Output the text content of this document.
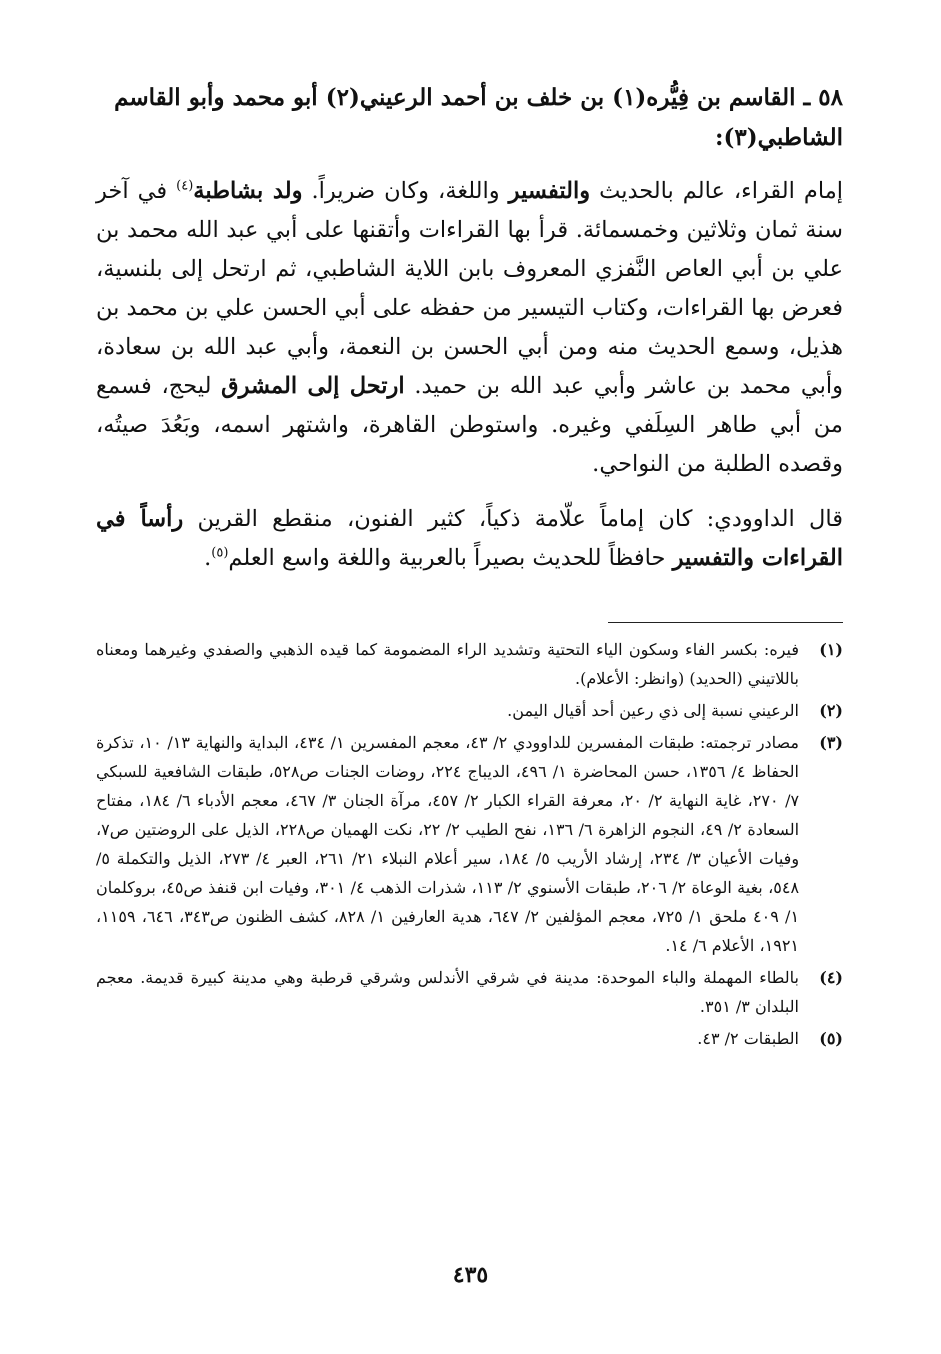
٥٨ ـ القاسم بن فِيُّره(١) بن خلف بن أحمد الرعيني(٢) أبو محمد وأبو القاسم
الشاطبي(٣):

إمام القراء، عالم بالحديث والتفسير واللغة، وكان ضريراً. ولد بشاطبة$^{(٤)}$ في آخر سنة ثمان وثلاثين وخمسمائة. قرأ بها القراءات وأتقنها على أبي عبد الله محمد بن علي بن أبي العاص النَّفزي المعروف بابن اللاية الشاطبي، ثم ارتحل إلى بلنسية، فعرض بها القراءات، وكتاب التيسير من حفظه على أبي الحسن علي بن محمد بن هذيل، وسمع الحديث منه ومن أبي الحسن بن النعمة، وأبي عبد الله بن سعادة، وأبي محمد بن عاشر وأبي عبد الله بن حميد. ارتحل إلى المشرق ليحج، فسمع من أبي طاهر السِلَفي وغيره. واستوطن القاهرة، واشتهر اسمه، وبَعُدَ صيتُه، وقصده الطلبة من النواحي.

قال الداوودي: كان إماماً علّامة ذكياً، كثير الفنون، منقطع القرين رأساً في القراءات والتفسير حافظاً للحديث بصيراً بالعربية واللغة واسع العلم$^{(٥)}$.

(١)
فيره: بكسر الفاء وسكون الياء التحتية وتشديد الراء المضمومة كما قيده الذهبي والصفدي وغيرهما ومعناه باللاتيني (الحديد) (وانظر: الأعلام).
(٢)
الرعيني نسبة إلى ذي رعين أحد أقيال اليمن.
(٣)
مصادر ترجمته: طبقات المفسرين للداوودي ٢/ ٤٣، معجم المفسرين ١/ ٤٣٤، البداية والنهاية ١٣/ ١٠، تذكرة الحفاظ ٤/ ١٣٥٦، حسن المحاضرة ١/ ٤٩٦، الديباج ٢٢٤، روضات الجنات ص٥٢٨، طبقات الشافعية للسبكي ٧/ ٢٧٠، غاية النهاية ٢/ ٢٠، معرفة القراء الكبار ٢/ ٤٥٧، مرآة الجنان ٣/ ٤٦٧، معجم الأدباء ٦/ ١٨٤، مفتاح السعادة ٢/ ٤٩، النجوم الزاهرة ٦/ ١٣٦، نفح الطيب ٢/ ٢٢، نكت الهميان ص٢٢٨، الذيل على الروضتين ص٧، وفيات الأعيان ٣/ ٢٣٤، إرشاد الأريب ٥/ ١٨٤، سير أعلام النبلاء ٢١/ ٢٦١، العبر ٤/ ٢٧٣، الذيل والتكملة ٥/ ٥٤٨، بغية الوعاة ٢/ ٢٠٦، طبقات الأسنوي ٢/ ١١٣، شذرات الذهب ٤/ ٣٠١، وفيات ابن قنفذ ص٤٥، بروكلمان ١/ ٤٠٩ ملحق ١/ ٧٢٥، معجم المؤلفين ٢/ ٦٤٧، هدية العارفين ١/ ٨٢٨، كشف الظنون ص٣٤٣، ٦٤٦، ١١٥٩، ١٩٢١، الأعلام ٦/ ١٤.
(٤)
بالطاء المهملة والباء الموحدة: مدينة في شرقي الأندلس وشرقي قرطبة وهي مدينة كبيرة قديمة. معجم البلدان ٣/ ٣٥١.
(٥)
الطبقات ٢/ ٤٣.
٤٣٥
